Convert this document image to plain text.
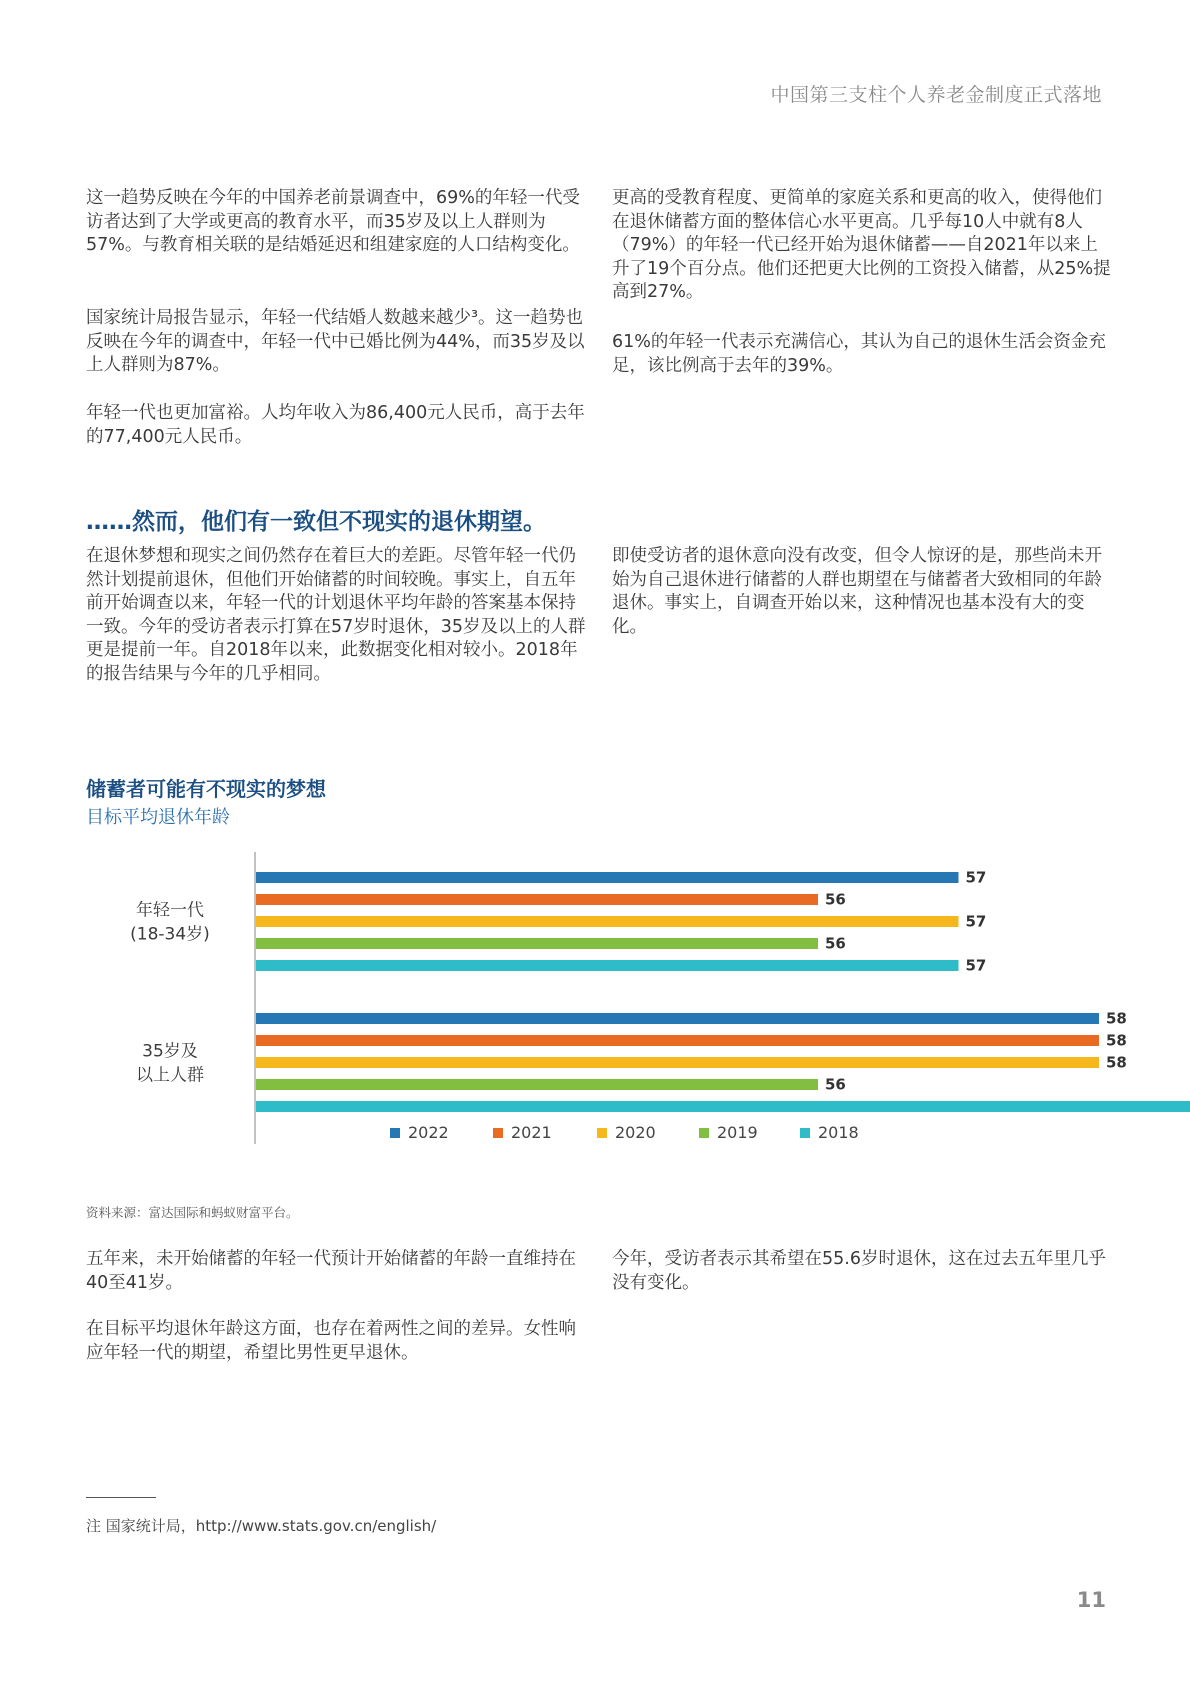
中国第三支柱个人养老金制度正式落地

这一趋势反映在今年的中国养老前景调查中，69%的年轻一代受访者达到了大学或更高的教育水平，而35岁及以上人群则为57%。与教育相关联的是结婚延迟和组建家庭的人口结构变化。

国家统计局报告显示，年轻一代结婚人数越来越少³。这一趋势也反映在今年的调查中，年轻一代中已婚比例为44%，而35岁及以上人群则为87%。

年轻一代也更加富裕。人均年收入为86,400元人民币，高于去年的77,400元人民币。

更高的受教育程度、更简单的家庭关系和更高的收入，使得他们在退休储蓄方面的整体信心水平更高。几乎每10人中就有8人（79%）的年轻一代已经开始为退休储蓄——自2021年以来上升了19个百分点。他们还把更大比例的工资投入储蓄，从25%提高到27%。

61%的年轻一代表示充满信心，其认为自己的退休生活会资金充足，该比例高于去年的39%。

……然而，他们有一致但不现实的退休期望。

在退休梦想和现实之间仍然存在着巨大的差距。尽管年轻一代仍然计划提前退休，但他们开始储蓄的时间较晚。事实上，自五年前开始调查以来，年轻一代的计划退休平均年龄的答案基本保持一致。今年的受访者表示打算在57岁时退休，35岁及以上的人群更是提前一年。自2018年以来，此数据变化相对较小。2018年的报告结果与今年的几乎相同。

即使受访者的退休意向没有改变，但令人惊讶的是，那些尚未开始为自己退休进行储蓄的人群也期望在与储蓄者大致相同的年龄退休。事实上，自调查开始以来，这种情况也基本没有大的变化。

储蓄者可能有不现实的梦想
目标平均退休年龄
年轻一代
(18-34岁)
35岁及
以上人群
57
58
56
58
57
58
56
56
57
2022	2021	2020	2019	2018
资料来源：富达国际和蚂蚁财富平台。

五年来，未开始储蓄的年轻一代预计开始储蓄的年龄一直维持在40至41岁。

在目标平均退休年龄这方面，也存在着两性之间的差异。女性响应年轻一代的期望，希望比男性更早退休。

今年，受访者表示其希望在55.6岁时退休，这在过去五年里几乎没有变化。

注 国家统计局，http://www.stats.gov.cn/english/
11
